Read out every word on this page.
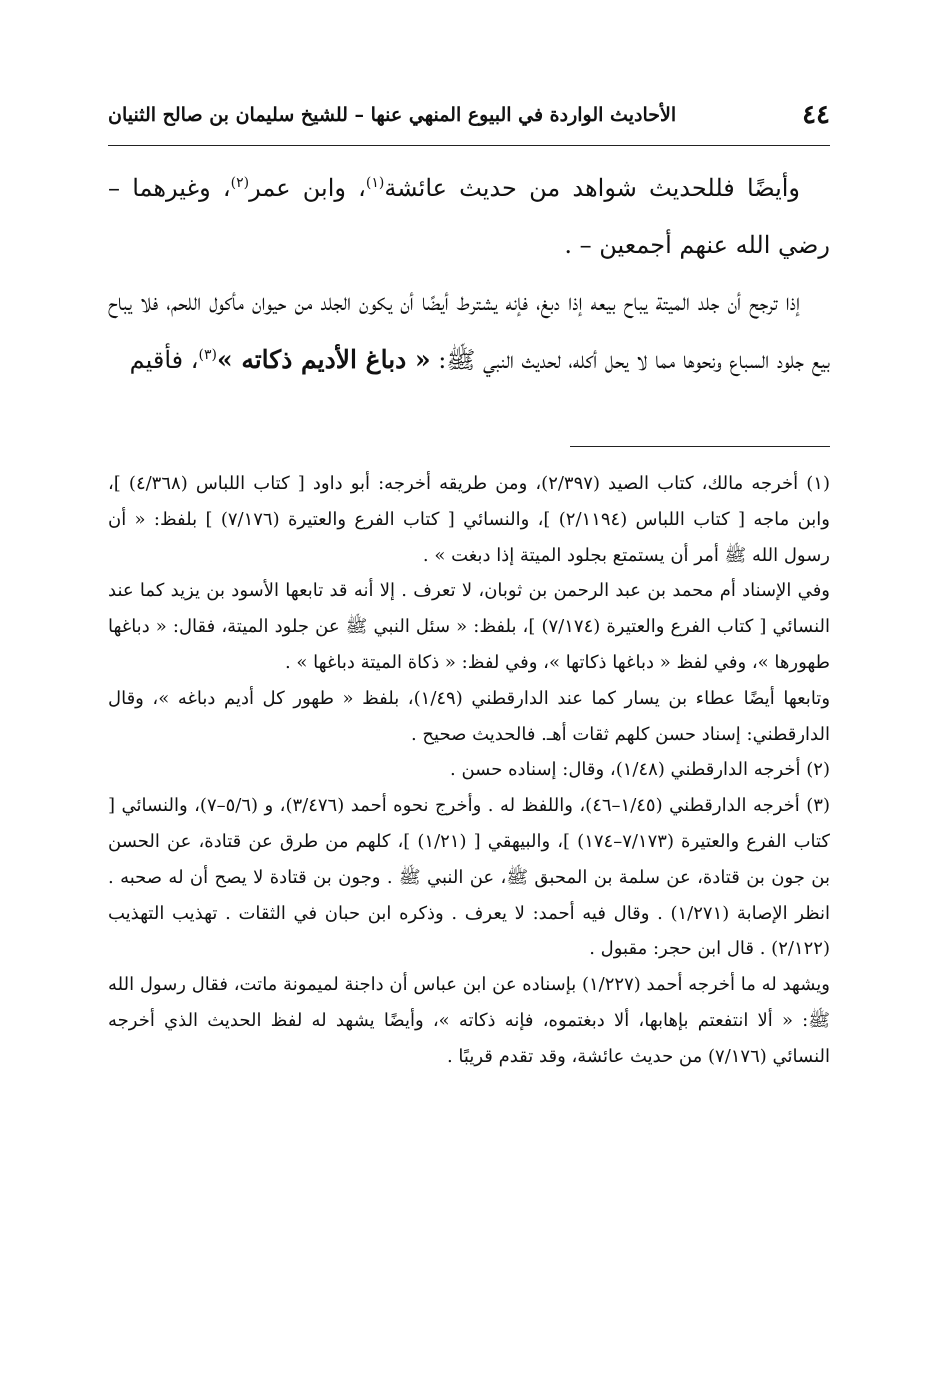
٤٤
الأحاديث الواردة في البيوع المنهي عنها – للشيخ سليمان بن صالح الثنيان

وأيضًا فللحديث شواهد من حديث عائشة$^{(١)}$، وابن عمر$^{(٢)}$، وغيرهما – رضي الله عنهم أجمعين – .

إذا ترجح أن جلد الميتة يباح بيعه إذا دبغ، فإنه يشترط أيضًا أن يكون الجلد من حيوان مأكول اللحم، فلا يباح بيع جلود السباع ونحوها مما لا يحل أكله، لحديث النبي ﷺ: « دباغ الأديم ذكاته »$^{(٣)}$، فأقيم

(١) أخرجه مالك، كتاب الصيد (٢/٣٩٧)، ومن طريقه أخرجه: أبو داود [ كتاب اللباس (٤/٣٦٨) ]، وابن ماجه [ كتاب اللباس (٢/١١٩٤) ]، والنسائي [ كتاب الفرع والعتيرة (٧/١٧٦) ] بلفظ: « أن رسول الله ﷺ أمر أن يستمتع بجلود الميتة إذا دبغت » .

وفي الإسناد أم محمد بن عبد الرحمن بن ثوبان، لا تعرف . إلا أنه قد تابعها الأسود بن يزيد كما عند النسائي [ كتاب الفرع والعتيرة (٧/١٧٤) ]، بلفظ: « سئل النبي ﷺ عن جلود الميتة، فقال: « دباغها طهورها »، وفي لفظ « دباغها ذكاتها »، وفي لفظ: « ذكاة الميتة دباغها » .

وتابعها أيضًا عطاء بن يسار كما عند الدارقطني (١/٤٩)، بلفظ « طهور كل أديم دباغه »، وقال الدارقطني: إسناد حسن كلهم ثقات أهـ. فالحديث صحيح .

(٢) أخرجه الدارقطني (١/٤٨)، وقال: إسناده حسن .

(٣) أخرجه الدارقطني (١/٤٥–٤٦)، واللفظ له . وأخرج نحوه أحمد (٣/٤٧٦)، و (٥/٦–٧)، والنسائي [ كتاب الفرع والعتيرة (٧/١٧٣–١٧٤) ]، والبيهقي [ (١/٢١) ]، كلهم من طرق عن قتادة، عن الحسن بن جون بن قتادة، عن سلمة بن المحبق ﷺ، عن النبي ﷺ . وجون بن قتادة لا يصح أن له صحبه . انظر الإصابة (١/٢٧١) . وقال فيه أحمد: لا يعرف . وذكره ابن حبان في الثقات . تهذيب التهذيب (٢/١٢٢) . قال ابن حجر: مقبول .

ويشهد له ما أخرجه أحمد (١/٢٢٧) بإسناده عن ابن عباس أن داجنة لميمونة ماتت، فقال رسول الله ﷺ: « ألا انتفعتم بإهابها، ألا دبغتموه، فإنه ذكاته »، وأيضًا يشهد له لفظ الحديث الذي أخرجه النسائي (٧/١٧٦) من حديث عائشة، وقد تقدم قريبًا .
